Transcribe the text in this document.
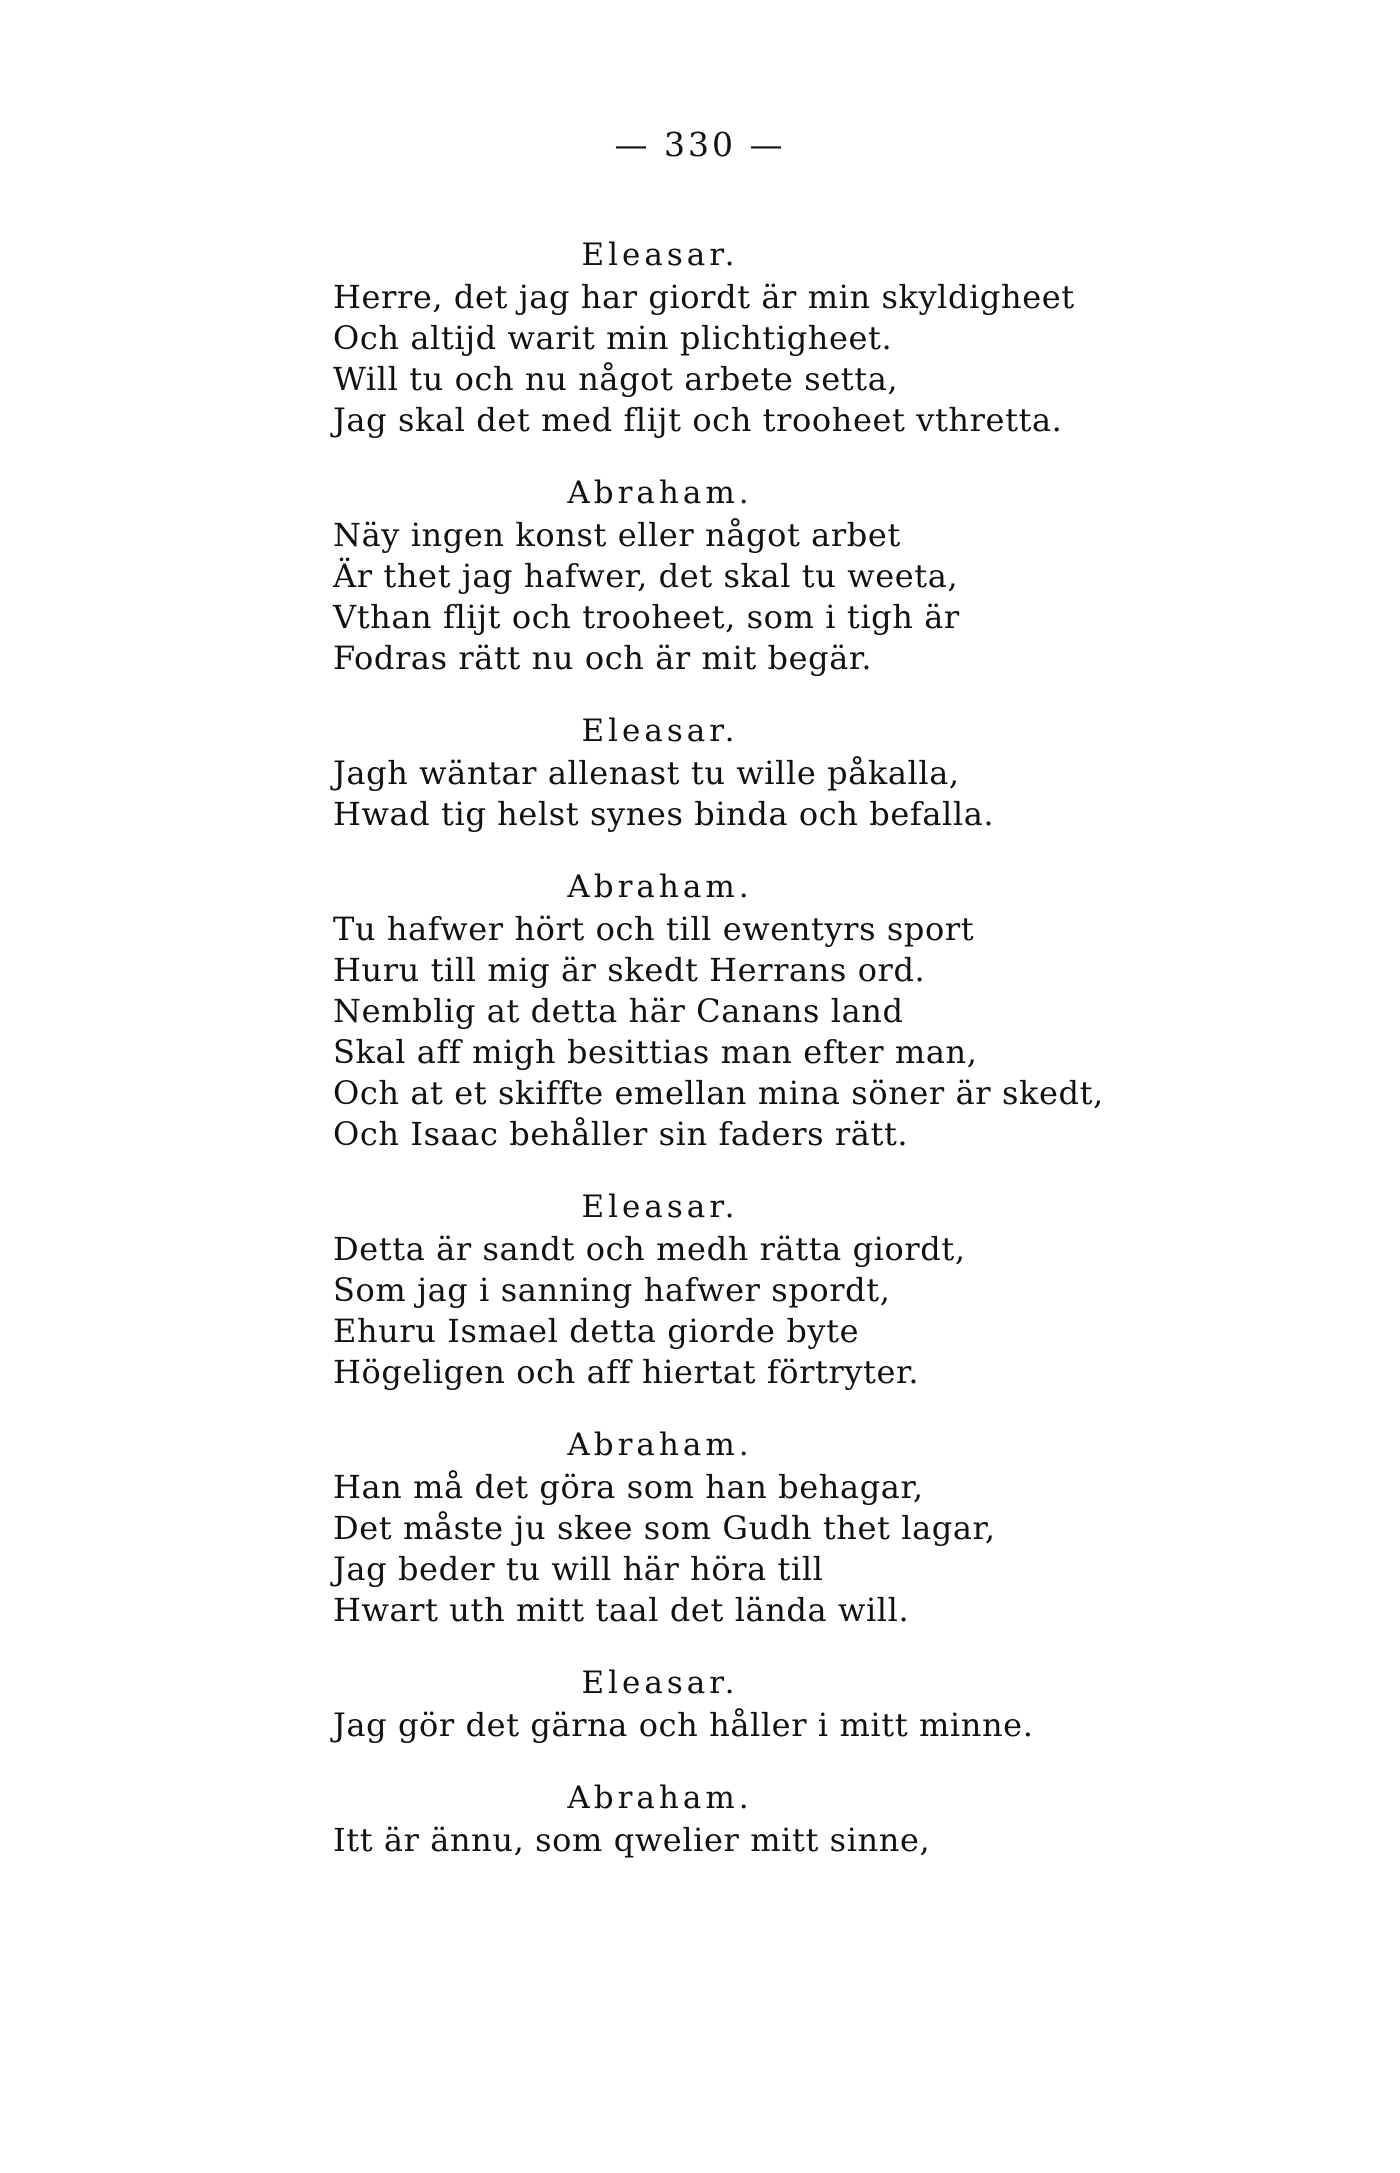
— 330 —
Eleasar.
Herre, det jag har giordt är min skyldigheet
Och altijd warit min plichtigheet.
Will tu och nu något arbete setta,
Jag skal det med flijt och trooheet vthretta.
Abraham.
Näy ingen konst eller något arbet
Är thet jag hafwer, det skal tu weeta,
Vthan flijt och trooheet, som i tigh är
Fodras rätt nu och är mit begär.
Eleasar.
Jagh wäntar allenast tu wille påkalla,
Hwad tig helst synes binda och befalla.
Abraham.
Tu hafwer hört och till ewentyrs sport
Huru till mig är skedt Herrans ord.
Nemblig at detta här Canans land
Skal aff migh besittias man efter man,
Och at et skiffte emellan mina söner är skedt,
Och Isaac behåller sin faders rätt.
Eleasar.
Detta är sandt och medh rätta giordt,
Som jag i sanning hafwer spordt,
Ehuru Ismael detta giorde byte
Högeligen och aff hiertat förtryter.
Abraham.
Han må det göra som han behagar,
Det måste ju skee som Gudh thet lagar,
Jag beder tu will här höra till
Hwart uth mitt taal det lända will.
Eleasar.
Jag gör det gärna och håller i mitt minne.
Abraham.
Itt är ännu, som qwelier mitt sinne,
